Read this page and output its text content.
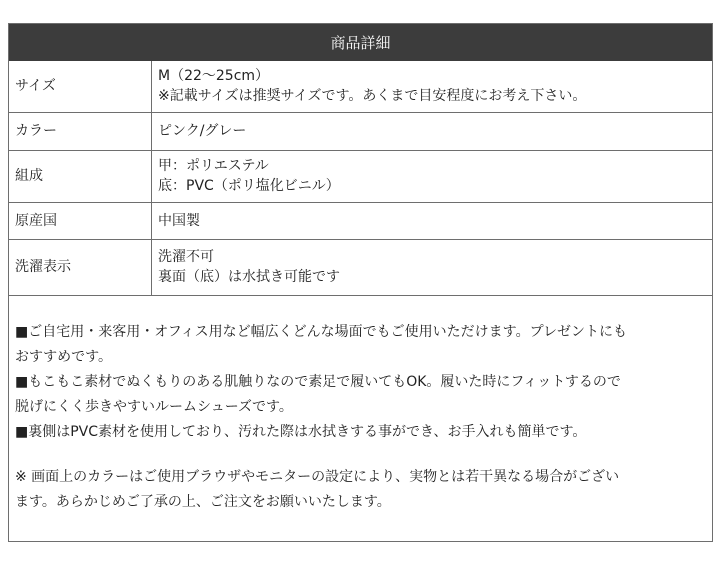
商品詳細
サイズ	M（22〜25cm）
※記載サイズは推奨サイズです。あくまで目安程度にお考え下さい。

カラー	ピンク/グレー

組成	甲：ポリエステル
底：PVC（ポリ塩化ビニル）

原産国	中国製

洗濯表示	洗濯不可
裏面（底）は水拭き可能です

■ご自宅用・来客用・オフィス用など幅広くどんな場面でもご使用いただけます。プレゼントにも

おすすめです。

■もこもこ素材でぬくもりのある肌触りなので素足で履いてもOK。履いた時にフィットするので

脱げにくく歩きやすいルームシューズです。

■裏側はPVC素材を使用しており、汚れた際は水拭きする事ができ、お手入れも簡単です。

※ 画面上のカラーはご使用ブラウザやモニターの設定により、実物とは若干異なる場合がござい

ます。あらかじめご了承の上、ご注文をお願いいたします。
